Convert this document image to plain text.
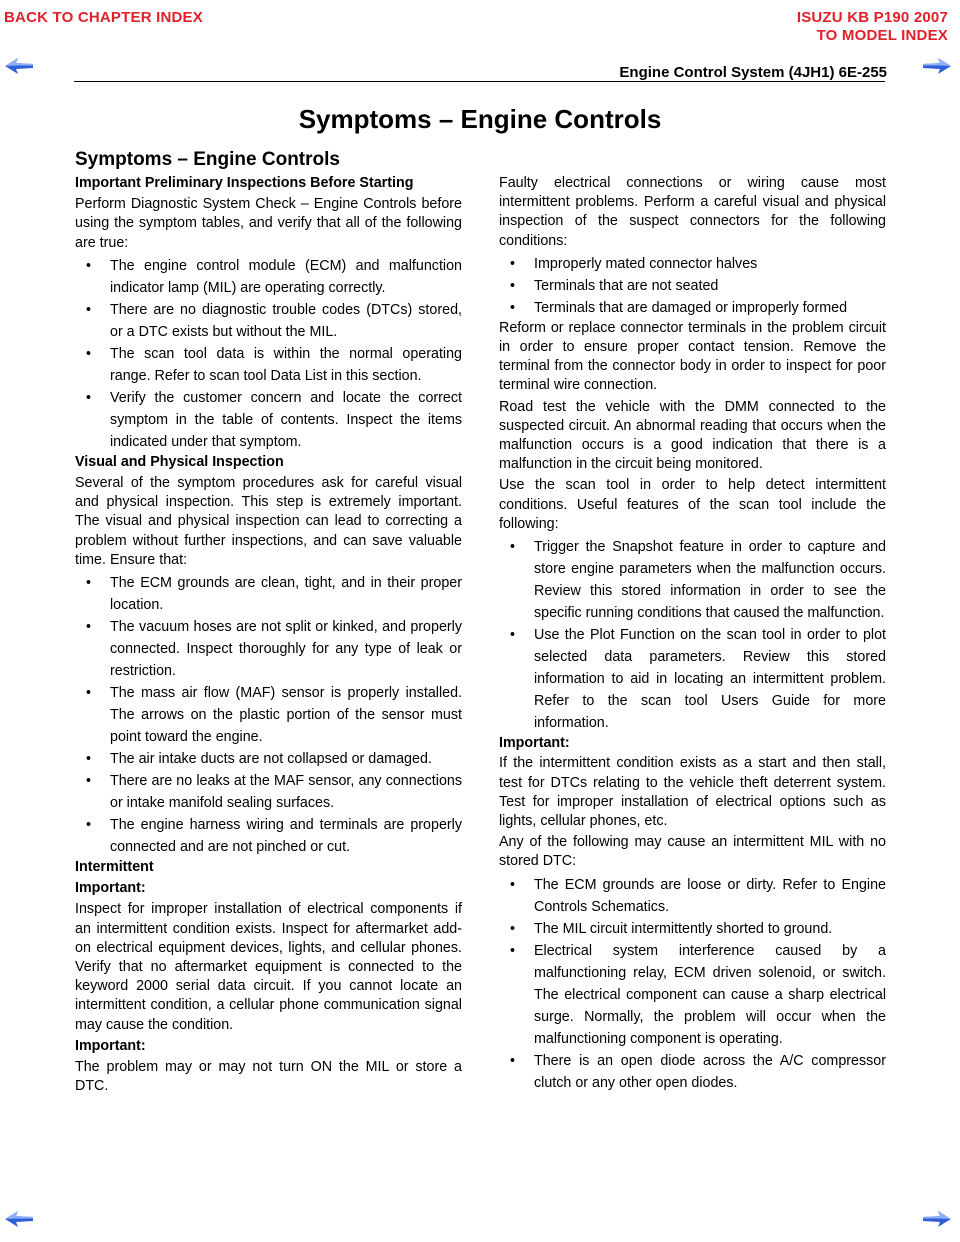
BACK TO CHAPTER INDEX	ISUZU KB P190 2007
TO MODEL INDEX
Engine Control System (4JH1) 6E-255
Symptoms – Engine Controls
Symptoms – Engine Controls
Important Preliminary Inspections Before Starting

Perform Diagnostic System Check – Engine Controls before using the symptom tables, and verify that all of the following are true:

• The engine control module (ECM) and malfunction indicator lamp (MIL) are operating correctly.
• There are no diagnostic trouble codes (DTCs) stored, or a DTC exists but without the MIL.
• The scan tool data is within the normal operating range. Refer to scan tool Data List in this section.
• Verify the customer concern and locate the correct symptom in the table of contents. Inspect the items indicated under that symptom.
Visual and Physical Inspection

Several of the symptom procedures ask for careful visual and physical inspection. This step is extremely important. The visual and physical inspection can lead to correcting a problem without further inspections, and can save valuable time. Ensure that:

• The ECM grounds are clean, tight, and in their proper location.
• The vacuum hoses are not split or kinked, and properly connected. Inspect thoroughly for any type of leak or restriction.
• The mass air flow (MAF) sensor is properly installed. The arrows on the plastic portion of the sensor must point toward the engine.
• The air intake ducts are not collapsed or damaged.
• There are no leaks at the MAF sensor, any connections or intake manifold sealing surfaces.
• The engine harness wiring and terminals are properly connected and are not pinched or cut.
Intermittent
Important:

Inspect for improper installation of electrical components if an intermittent condition exists. Inspect for aftermarket add-on electrical equipment devices, lights, and cellular phones. Verify that no aftermarket equipment is connected to the keyword 2000 serial data circuit. If you cannot locate an intermittent condition, a cellular phone communication signal may cause the condition.

Important:

The problem may or may not turn ON the MIL or store a DTC.

Faulty electrical connections or wiring cause most intermittent problems. Perform a careful visual and physical inspection of the suspect connectors for the following conditions:

• Improperly mated connector halves
• Terminals that are not seated
• Terminals that are damaged or improperly formed

Reform or replace connector terminals in the problem circuit in order to ensure proper contact tension. Remove the terminal from the connector body in order to inspect for poor terminal wire connection.

Road test the vehicle with the DMM connected to the suspected circuit. An abnormal reading that occurs when the malfunction occurs is a good indication that there is a malfunction in the circuit being monitored.

Use the scan tool in order to help detect intermittent conditions. Useful features of the scan tool include the following:

• Trigger the Snapshot feature in order to capture and store engine parameters when the malfunction occurs. Review this stored information in order to see the specific running conditions that caused the malfunction.
• Use the Plot Function on the scan tool in order to plot selected data parameters. Review this stored information to aid in locating an intermittent problem. Refer to the scan tool Users Guide for more information.
Important:

If the intermittent condition exists as a start and then stall, test for DTCs relating to the vehicle theft deterrent system. Test for improper installation of electrical options such as lights, cellular phones, etc.

Any of the following may cause an intermittent MIL with no stored DTC:

• The ECM grounds are loose or dirty. Refer to Engine Controls Schematics.
• The MIL circuit intermittently shorted to ground.
• Electrical system interference caused by a malfunctioning relay, ECM driven solenoid, or switch. The electrical component can cause a sharp electrical surge. Normally, the problem will occur when the malfunctioning component is operating.
• There is an open diode across the A/C compressor clutch or any other open diodes.
